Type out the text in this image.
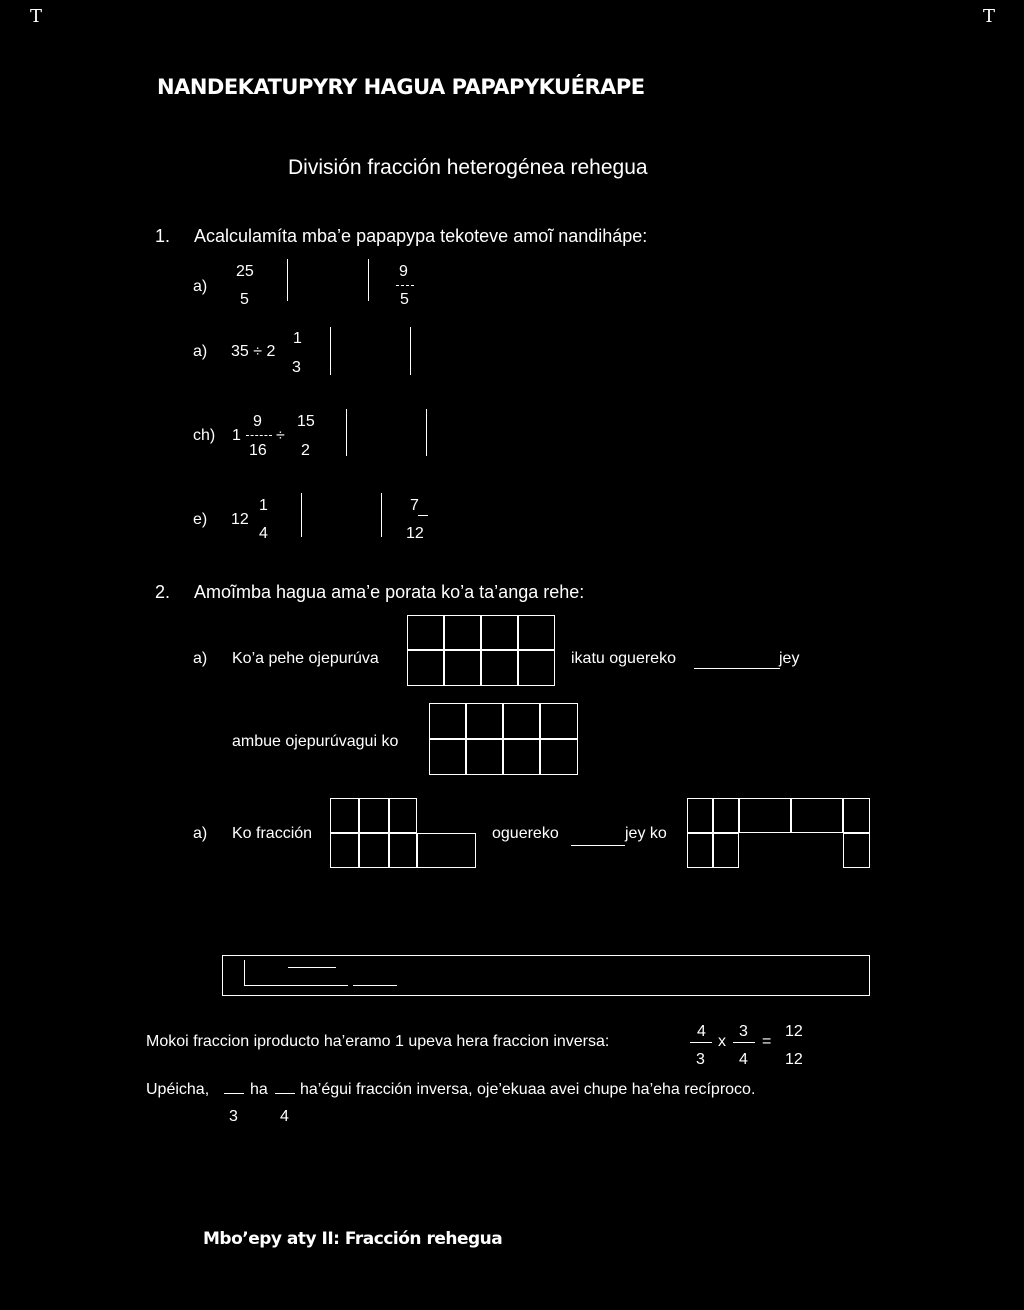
T	T
NANDEKATUPYRY HAGUA PAPAPYKUÉRAPE
División fracción heterogénea rehegua
1. Acalculamíta mba’e papapypa tekoteve amoĩ nandihápe:
a)
25
5
9
5
a) 35 ÷ 2
1
3
ch) 1
9
16
÷
15
2
e) 12
1
4
7
12
2. Amoĩmba hagua ama’e porata ko’a ta’anga rehe:
a) Ko’a pehe ojepurúva	ikatu oguereko	jey
ambue ojepurúvagui ko
a) Ko fracción	oguereko	jey ko
Mokoi fraccion iproducto ha’eramo 1 upeva hera fraccion inversa:
4
3
x
3
4
=
12
12
Upéicha,
3
ha
4
ha’égui fracción inversa, oje’ekuaa avei chupe ha’eha recíproco.
Mbo’epy aty II: Fracción rehegua
